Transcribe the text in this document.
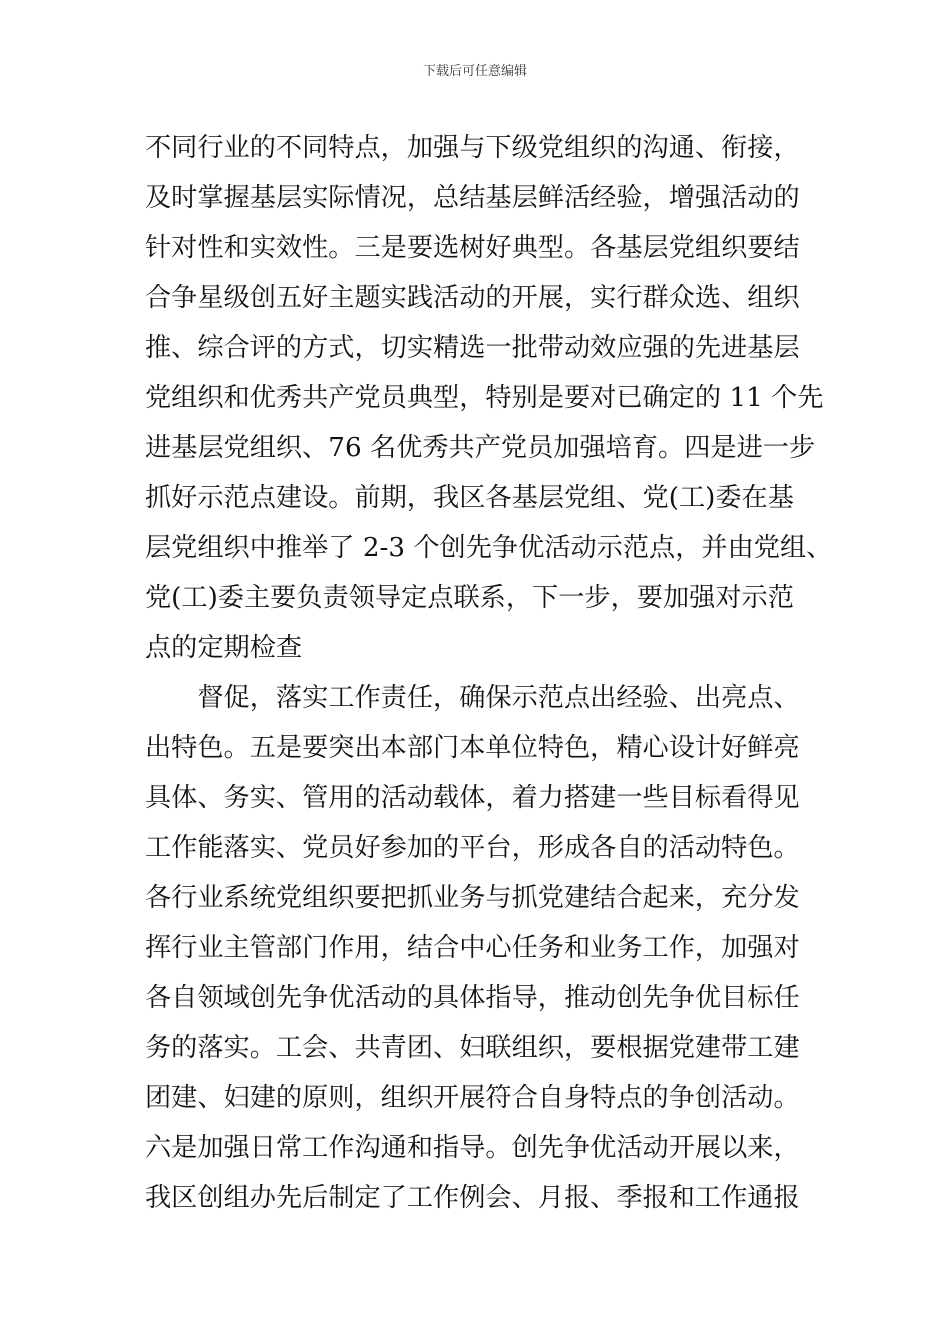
下载后可任意编辑
不同行业的不同特点，加强与下级党组织的沟通、衔接，
及时掌握基层实际情况，总结基层鲜活经验，增强活动的
针对性和实效性。三是要选树好典型。各基层党组织要结
合争星级创五好主题实践活动的开展，实行群众选、组织
推、综合评的方式，切实精选一批带动效应强的先进基层
党组织和优秀共产党员典型，特别是要对已确定的 11 个先
进基层党组织、76 名优秀共产党员加强培育。四是进一步
抓好示范点建设。前期，我区各基层党组、党(工)委在基
层党组织中推举了 2-3 个创先争优活动示范点，并由党组、
党(工)委主要负责领导定点联系，下一步，要加强对示范
点的定期检查
　　督促，落实工作责任，确保示范点出经验、出亮点、
出特色。五是要突出本部门本单位特色，精心设计好鲜亮
具体、务实、管用的活动载体，着力搭建一些目标看得见
工作能落实、党员好参加的平台，形成各自的活动特色。
各行业系统党组织要把抓业务与抓党建结合起来，充分发
挥行业主管部门作用，结合中心任务和业务工作，加强对
各自领域创先争优活动的具体指导，推动创先争优目标任
务的落实。工会、共青团、妇联组织，要根据党建带工建
团建、妇建的原则，组织开展符合自身特点的争创活动。
六是加强日常工作沟通和指导。创先争优活动开展以来，
我区创组办先后制定了工作例会、月报、季报和工作通报
